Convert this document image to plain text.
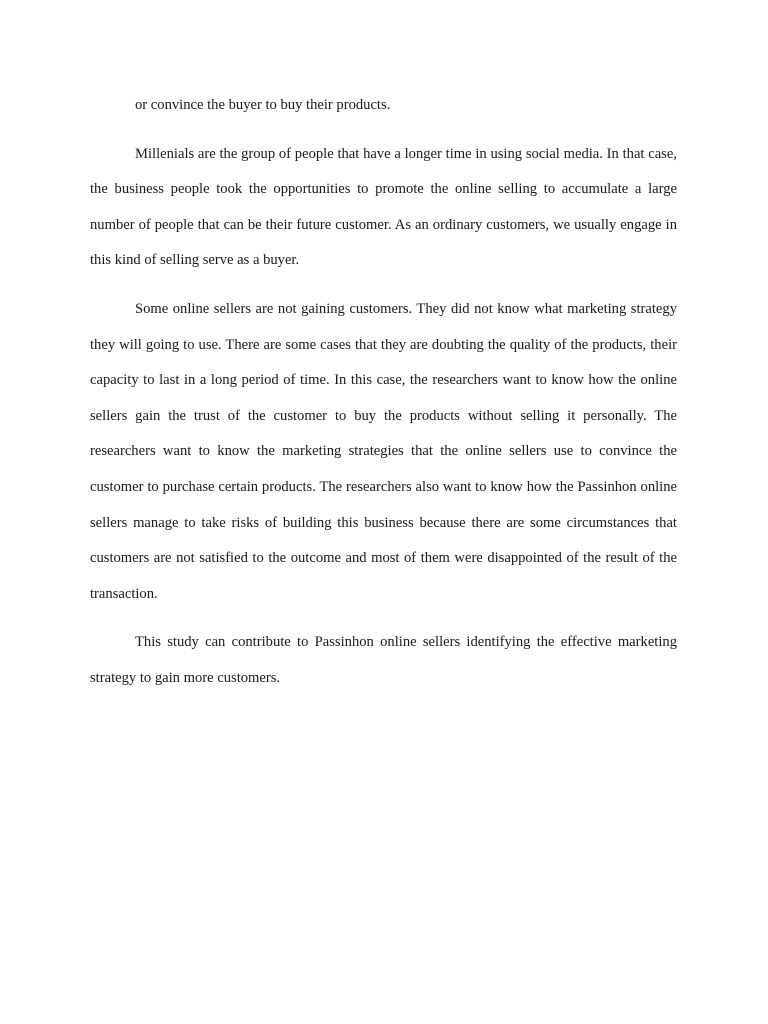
or convince the buyer to buy their products.

Millenials are the group of people that have a longer time in using social media. In that case, the business people took the opportunities to promote the online selling to accumulate a large number of people that can be their future customer. As an ordinary customers, we usually engage in this kind of selling serve as a buyer.

Some online sellers are not gaining customers. They did not know what marketing strategy they will going to use. There are some cases that they are doubting the quality of the products, their capacity to last in a long period of time. In this case, the researchers want to know how the online sellers gain the trust of the customer to buy the products without selling it personally. The researchers want to know the marketing strategies that the online sellers use to convince the customer to purchase certain products. The researchers also want to know how the Passinhon online sellers manage to take risks of building this business because there are some circumstances that customers are not satisfied to the outcome and most of them were disappointed of the result of the transaction.

This study can contribute to Passinhon online sellers identifying the effective marketing strategy to gain more customers.
